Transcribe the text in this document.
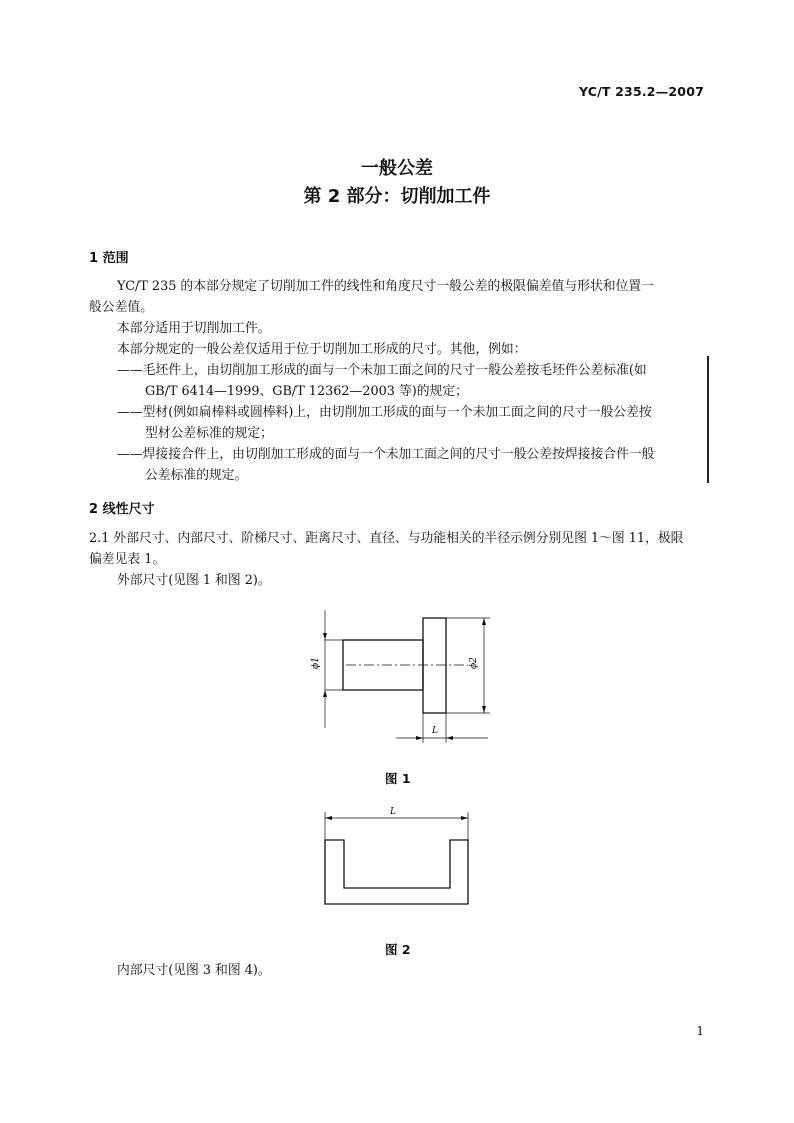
YC/T 235.2—2007
一般公差
第 2 部分：切削加工件
1 范围
YC/T 235 的本部分规定了切削加工件的线性和角度尺寸一般公差的极限偏差值与形状和位置一
般公差值。
本部分适用于切削加工件。
本部分规定的一般公差仅适用于位于切削加工形成的尺寸。其他，例如：
——毛坯件上，由切削加工形成的面与一个未加工面之间的尺寸一般公差按毛坯件公差标准(如
GB/T 6414—1999、GB/T 12362—2003 等)的规定；
——型材(例如扁棒料或圆棒料)上，由切削加工形成的面与一个未加工面之间的尺寸一般公差按
型材公差标准的规定；
——焊接接合件上，由切削加工形成的面与一个未加工面之间的尺寸一般公差按焊接接合件一般
公差标准的规定。
2 线性尺寸
2.1 外部尺寸、内部尺寸、阶梯尺寸、距离尺寸、直径、与功能相关的半径示例分别见图 1～图 11，极限
偏差见表 1。
外部尺寸(见图 1 和图 2)。
ϕ1	ϕ2
L
图 1
L
图 2
内部尺寸(见图 3 和图 4)。
1
